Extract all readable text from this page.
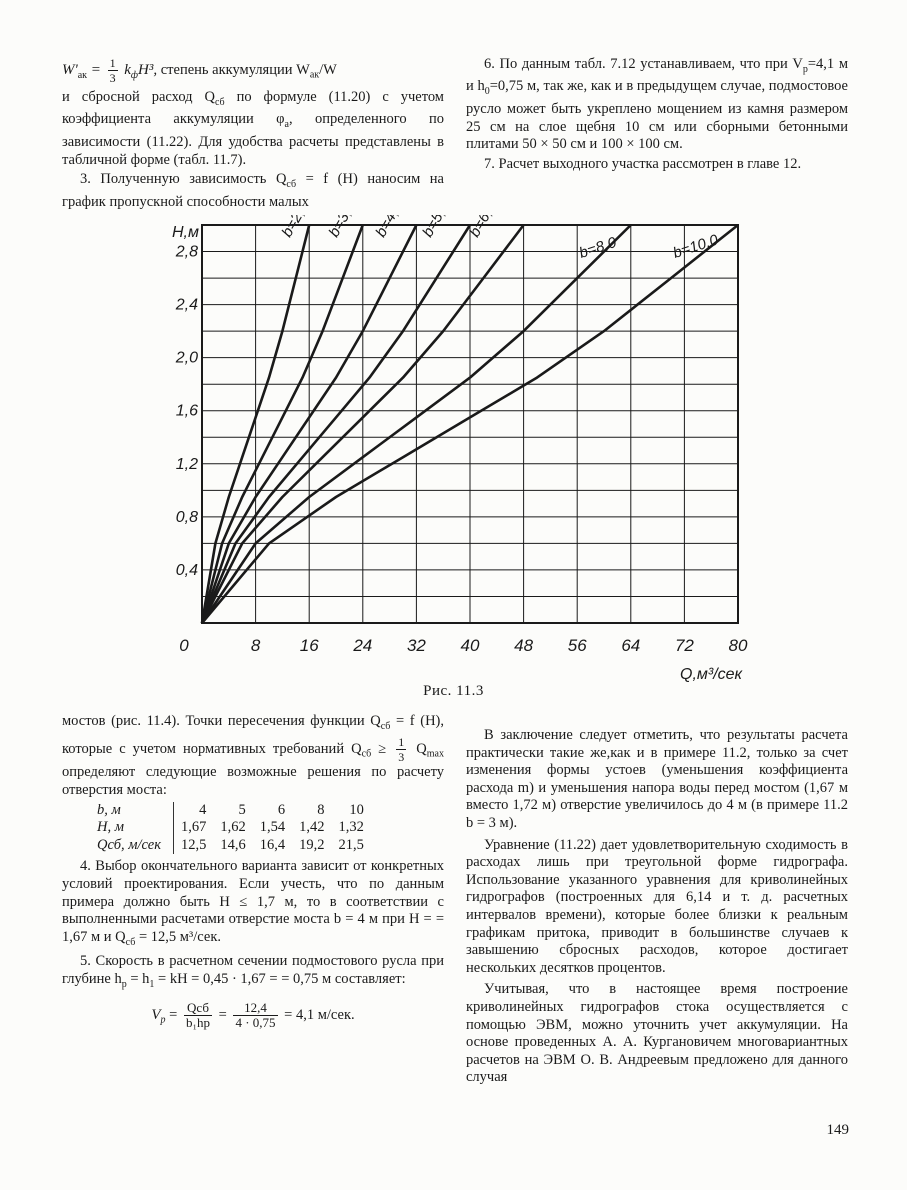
$W'_{ак} = \frac{1}{3} k_фH^3$, степень аккумуляции $W_{ак}/W$

и сбросной расход $Q_{сб}$ по формуле (11.20) с учетом коэффициента аккумуляции $\varphi_а$, определенного по зависимости (11.22). Для удобства расчеты представлены в табличной форме (табл. 11.7).

3. Полученную зависимость $Q_{сб} = f$ (H) наносим на график пропускной способности малых

6. По данным табл. 7.12 устанавливаем, что при $V_р=4,1$ м и $h_0=0,75$ м, так же, как и в предыдущем случае, подмостовое русло может быть укреплено мощением из камня размером 25 см на слое щебня 10 см или сборными бетонными плитами 50 × 50 см и 100 × 100 см.

7. Расчет выходного участка рассмотрен в главе 12.

0	8 16 24 32 40 48 56 64 72 80
0,4
0,8
1,2
1,6
2,0
2,4
2,8
H,м
Q,м³/сек
b=2,0 b=3,0 b=4,0 b=5,0 b=6,0
b=8,0	b=10,0
Рис. 11.3

мостов (рис. 11.4). Точки пересечения функции $Q_{сб} = f$ (H), которые с учетом нормативных требований $Q_{сб} \ge \frac{1}{3} Q_{max}$ определяют следующие возможные решения по расчету отверстия моста:

b, м	4	5	6	8	10
H, м	1,67	1,62	1,54	1,42	1,32
Qсб, м/сек	12,5	14,6	16,4	19,2	21,5

4. Выбор окончательного варианта зависит от конкретных условий проектирования. Если учесть, что по данным примера должно быть H ≤ 1,7 м, то в соответствии с выполненными расчетами отверстие моста b = 4 м при H = = 1,67 м и $Q_{сб} = 12,5$ м³/сек.

5. Скорость в расчетном сечении подмостового русла при глубине $h_р = h_1$ = kH = 0,45 · 1,67 = = 0,75 м составляет:

$V_р = \frac{\text{Qсб}}{\text{b₁hр}} = \frac{12,4}{4 \cdot 0,75} = 4,1$ м/сек.

В заключение следует отметить, что результаты расчета практически такие же,как и в примере 11.2, только за счет изменения формы устоев (уменьшения коэффициента расхода m) и уменьшения напора воды перед мостом (1,67 м вместо 1,72 м) отверстие увеличилось до 4 м (в примере 11.2 b = 3 м).

Уравнение (11.22) дает удовлетворительную сходимость в расходах лишь при треугольной форме гидрографа. Использование указанного уравнения для криволинейных гидрографов (построенных для 6,14 и т. д. расчетных интервалов времени), которые более близки к реальным графикам притока, приводит в большинстве случаев к завышению сбросных расходов, которое достигает нескольких десятков процентов.

Учитывая, что в настоящее время построение криволинейных гидрографов стока осуществляется с помощью ЭВМ, можно уточнить учет аккумуляции. На основе проведенных А. А. Кургановичем многовариантных расчетов на ЭВМ О. В. Андреевым предложено для данного случая

149
